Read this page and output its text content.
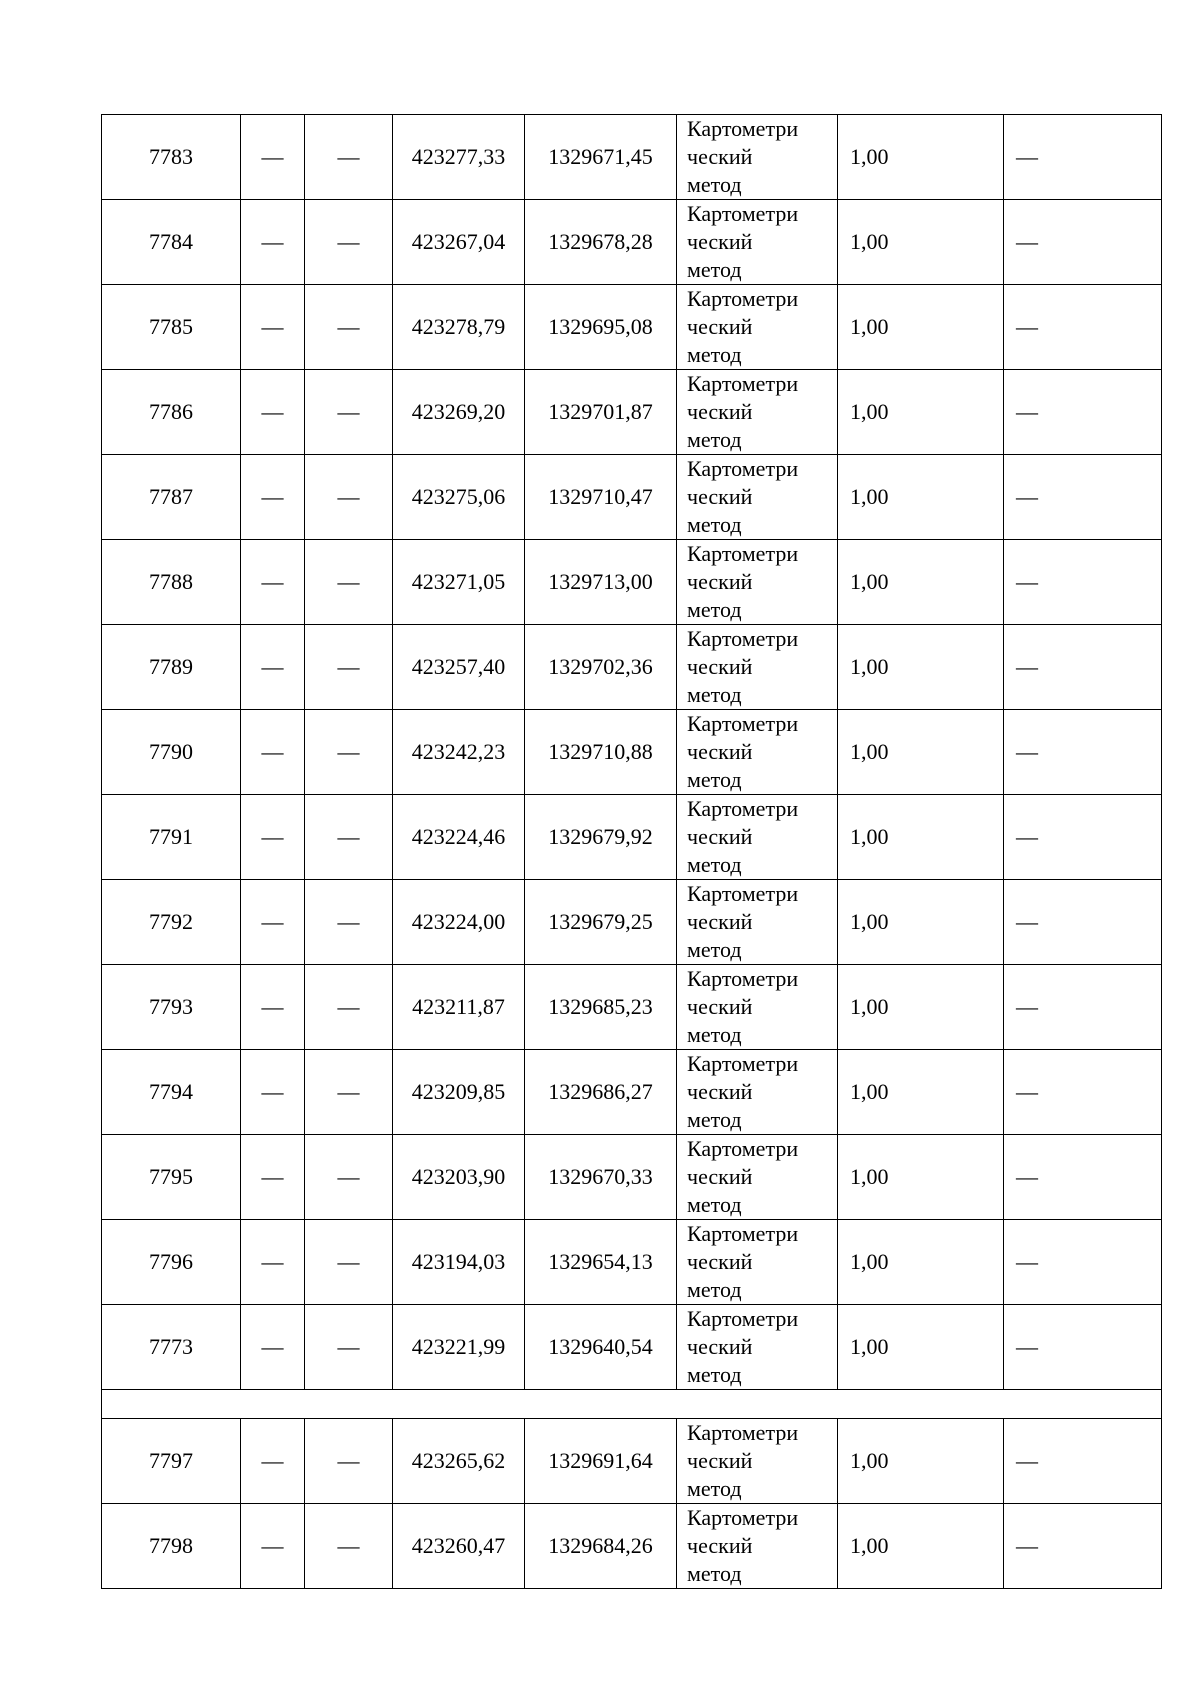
7783	—	—	423277,33	1329671,45	Картометри
ческий
метод	1,00	—
7784	—	—	423267,04	1329678,28	Картометри
ческий
метод	1,00	—
7785	—	—	423278,79	1329695,08	Картометри
ческий
метод	1,00	—
7786	—	—	423269,20	1329701,87	Картометри
ческий
метод	1,00	—
7787	—	—	423275,06	1329710,47	Картометри
ческий
метод	1,00	—
7788	—	—	423271,05	1329713,00	Картометри
ческий
метод	1,00	—
7789	—	—	423257,40	1329702,36	Картометри
ческий
метод	1,00	—
7790	—	—	423242,23	1329710,88	Картометри
ческий
метод	1,00	—
7791	—	—	423224,46	1329679,92	Картометри
ческий
метод	1,00	—
7792	—	—	423224,00	1329679,25	Картометри
ческий
метод	1,00	—
7793	—	—	423211,87	1329685,23	Картометри
ческий
метод	1,00	—
7794	—	—	423209,85	1329686,27	Картометри
ческий
метод	1,00	—
7795	—	—	423203,90	1329670,33	Картометри
ческий
метод	1,00	—
7796	—	—	423194,03	1329654,13	Картометри
ческий
метод	1,00	—
7773	—	—	423221,99	1329640,54	Картометри
ческий
метод	1,00	—

7797	—	—	423265,62	1329691,64	Картометри
ческий
метод	1,00	—
7798	—	—	423260,47	1329684,26	Картометри
ческий
метод	1,00	—
